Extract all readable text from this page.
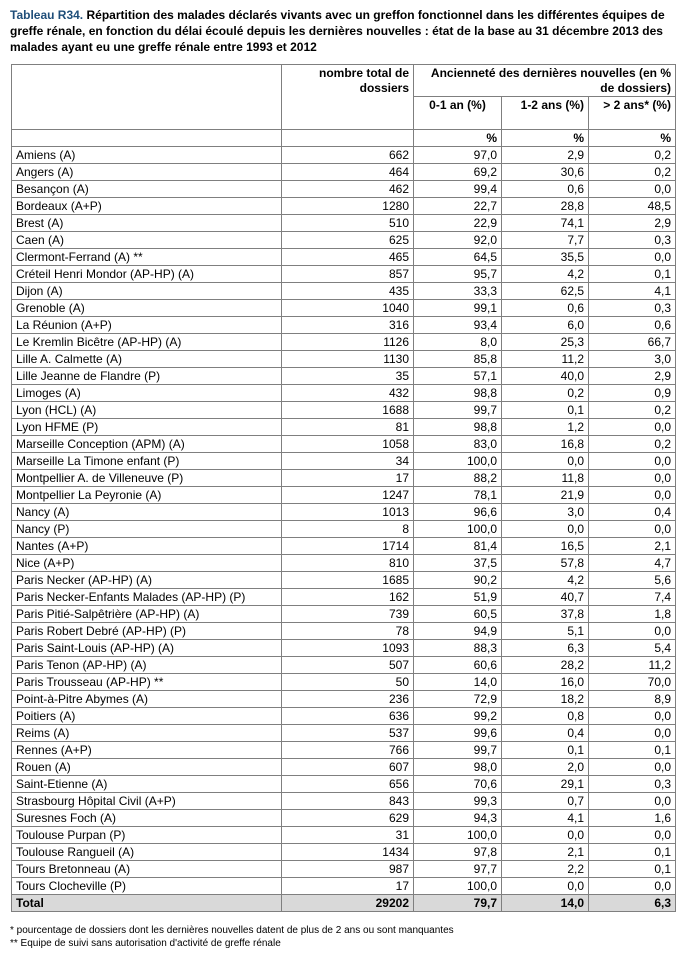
Tableau R34. Répartition des malades déclarés vivants avec un greffon fonctionnel dans les différentes équipes de greffe rénale, en fonction du délai écoulé depuis les dernières nouvelles : état de la base au 31 décembre 2013 des malades ayant eu une greffe rénale entre 1993 et 2012
	nombre total de dossiers	Ancienneté des dernières nouvelles (en % de dossiers)		
		0-1 an (%)	1-2 ans (%)	> 2 ans* (%)
		%	%	%
Amiens (A)	662	97,0	2,9	0,2
Angers (A)	464	69,2	30,6	0,2
Besançon (A)	462	99,4	0,6	0,0
Bordeaux (A+P)	1280	22,7	28,8	48,5
Brest (A)	510	22,9	74,1	2,9
Caen (A)	625	92,0	7,7	0,3
Clermont-Ferrand (A) **	465	64,5	35,5	0,0
Créteil Henri Mondor (AP-HP) (A)	857	95,7	4,2	0,1
Dijon (A)	435	33,3	62,5	4,1
Grenoble (A)	1040	99,1	0,6	0,3
La Réunion (A+P)	316	93,4	6,0	0,6
Le Kremlin Bicêtre (AP-HP) (A)	1126	8,0	25,3	66,7
Lille A. Calmette (A)	1130	85,8	11,2	3,0
Lille Jeanne de Flandre (P)	35	57,1	40,0	2,9
Limoges (A)	432	98,8	0,2	0,9
Lyon (HCL) (A)	1688	99,7	0,1	0,2
Lyon HFME (P)	81	98,8	1,2	0,0
Marseille Conception (APM) (A)	1058	83,0	16,8	0,2
Marseille La Timone enfant (P)	34	100,0	0,0	0,0
Montpellier A. de Villeneuve (P)	17	88,2	11,8	0,0
Montpellier La Peyronie (A)	1247	78,1	21,9	0,0
Nancy (A)	1013	96,6	3,0	0,4
Nancy (P)	8	100,0	0,0	0,0
Nantes (A+P)	1714	81,4	16,5	2,1
Nice (A+P)	810	37,5	57,8	4,7
Paris Necker (AP-HP) (A)	1685	90,2	4,2	5,6
Paris Necker-Enfants Malades (AP-HP) (P)	162	51,9	40,7	7,4
Paris Pitié-Salpêtrière (AP-HP) (A)	739	60,5	37,8	1,8
Paris Robert Debré (AP-HP) (P)	78	94,9	5,1	0,0
Paris Saint-Louis (AP-HP) (A)	1093	88,3	6,3	5,4
Paris Tenon (AP-HP) (A)	507	60,6	28,2	11,2
Paris Trousseau (AP-HP) **	50	14,0	16,0	70,0
Point-à-Pitre Abymes (A)	236	72,9	18,2	8,9
Poitiers (A)	636	99,2	0,8	0,0
Reims (A)	537	99,6	0,4	0,0
Rennes (A+P)	766	99,7	0,1	0,1
Rouen (A)	607	98,0	2,0	0,0
Saint-Etienne (A)	656	70,6	29,1	0,3
Strasbourg Hôpital Civil (A+P)	843	99,3	0,7	0,0
Suresnes Foch (A)	629	94,3	4,1	1,6
Toulouse Purpan (P)	31	100,0	0,0	0,0
Toulouse Rangueil (A)	1434	97,8	2,1	0,1
Tours Bretonneau (A)	987	97,7	2,2	0,1
Tours Clocheville (P)	17	100,0	0,0	0,0
Total	29202	79,7	14,0	6,3
* pourcentage de dossiers dont les dernières nouvelles datent de plus de 2 ans ou sont manquantes
** Equipe de suivi sans autorisation d'activité de greffe rénale
